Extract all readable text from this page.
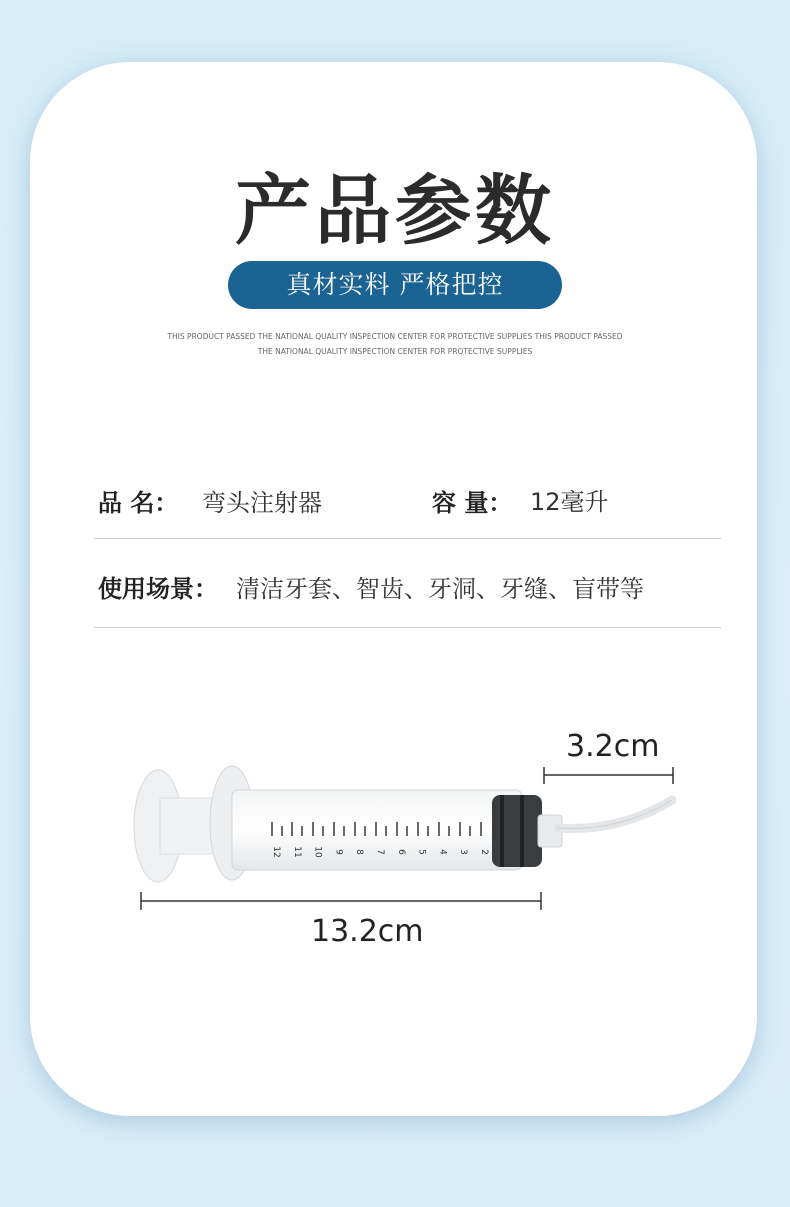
产品参数
真材实料 严格把控
THIS PRODUCT PASSED THE NATIONAL QUALITY INSPECTION CENTER FOR PROTECTIVE SUPPLIES THIS PRODUCT PASSED
THE NATIONAL QUALITY INSPECTION CENTER FOR PROTECTIVE SUPPLIES
品 名： 弯头注射器	容 量： 12毫升
使用场景： 清洁牙套、智齿、牙洞、牙缝、盲带等
12 11 10 9 8 7 6 5 4 3 2
3.2cm
13.2cm
